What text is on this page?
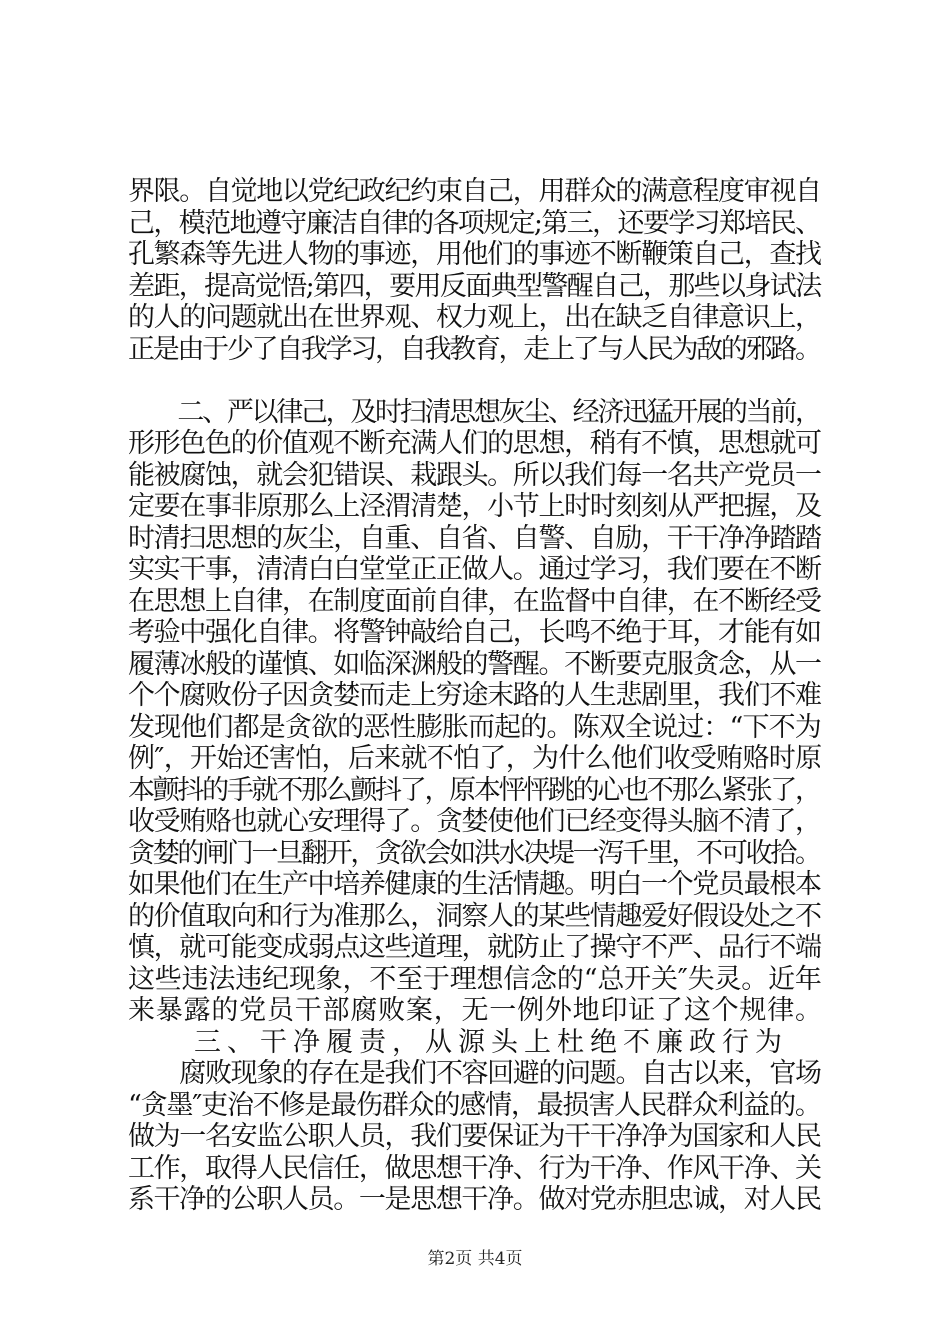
界限。自觉地以党纪政纪约束自己，用群众的满意程度审视自
己，模范地遵守廉洁自律的各项规定;第三，还要学习郑培民、
孔繁森等先进人物的事迹，用他们的事迹不断鞭策自己，查找
差距，提高觉悟;第四，要用反面典型警醒自己，那些以身试法
的人的问题就出在世界观、权力观上，出在缺乏自律意识上，
正是由于少了自我学习，自我教育，走上了与人民为敌的邪路。
　　二、严以律己，及时扫清思想灰尘、经济迅猛开展的当前，
形形色色的价值观不断充满人们的思想，稍有不慎，思想就可
能被腐蚀，就会犯错误、栽跟头。所以我们每一名共产党员一
定要在事非原那么上泾渭清楚，小节上时时刻刻从严把握，及
时清扫思想的灰尘，自重、自省、自警、自励，干干净净踏踏
实实干事，清清白白堂堂正正做人。通过学习，我们要在不断
在思想上自律，在制度面前自律，在监督中自律，在不断经受
考验中强化自律。将警钟敲给自己，长鸣不绝于耳，才能有如
履薄冰般的谨慎、如临深渊般的警醒。不断要克服贪念，从一
个个腐败份子因贪婪而走上穷途末路的人生悲剧里，我们不难
发现他们都是贪欲的恶性膨胀而起的。陈双全说过：“下不为
例″，开始还害怕，后来就不怕了，为什么他们收受贿赂时原
本颤抖的手就不那么颤抖了，原本怦怦跳的心也不那么紧张了，
收受贿赂也就心安理得了。贪婪使他们已经变得头脑不清了，
贪婪的闸门一旦翻开，贪欲会如洪水决堤一泻千里，不可收拾。
如果他们在生产中培养健康的生活情趣。明白一个党员最根本
的价值取向和行为准那么，洞察人的某些情趣爱好假设处之不
慎，就可能变成弱点这些道理，就防止了操守不严、品行不端
这些违法违纪现象，不至于理想信念的“总开关″失灵。近年
来暴露的党员干部腐败案，无一例外地印证了这个规律。
　　三、干净履责，从源头上杜绝不廉政行为
　　腐败现象的存在是我们不容回避的问题。自古以来，官场
“贪墨″吏治不修是最伤群众的感情，最损害人民群众利益的。
做为一名安监公职人员，我们要保证为干干净净为国家和人民
工作，取得人民信任，做思想干净、行为干净、作风干净、关
系干净的公职人员。一是思想干净。做对党赤胆忠诚，对人民
第2页 共4页
